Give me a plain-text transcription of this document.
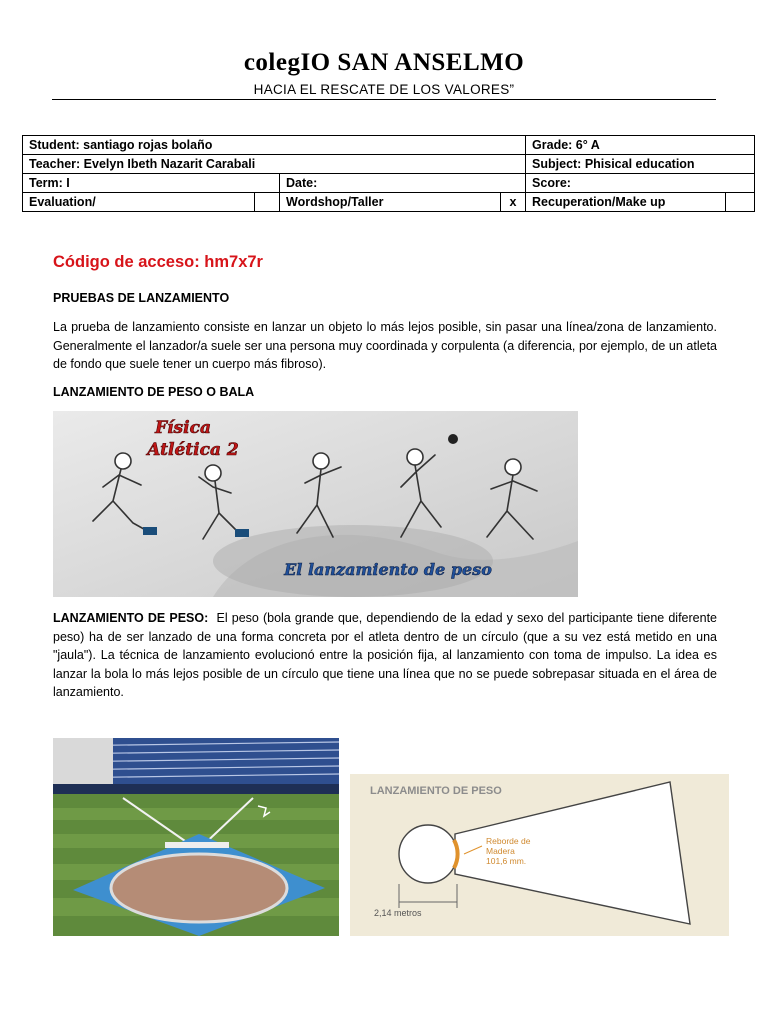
colegIO SAN ANSELMO
HACIA EL RESCATE DE LOS VALORES”
Student: santiago rojas bolaño				Grade: 6° A	
Teacher: Evelyn Ibeth Nazarit Carabali				Subject: Phisical education	
Term: I		Date:		Score:	
Evaluation/		Wordshop/Taller	x	Recuperation/Make up	
Código de acceso: hm7x7r
PRUEBAS DE LANZAMIENTO
La prueba de lanzamiento consiste en lanzar un objeto lo más lejos posible, sin pasar una línea/zona de lanzamiento. Generalmente el lanzador/a suele ser una persona muy coordinada y corpulenta (a diferencia, por ejemplo, de un atleta de fondo que suele tener un cuerpo más fibroso).
LANZAMIENTO DE PESO O BALA
Física
Atlética 2
El lanzamiento de peso
LANZAMIENTO DE PESO: El peso (bola grande que, dependiendo de la edad y sexo del participante tiene diferente peso) ha de ser lanzado de una forma concreta por el atleta dentro de un círculo (que a su vez está metido en una "jaula"). La técnica de lanzamiento evolucionó entre la posición fija, al lanzamiento con toma de impulso. La idea es lanzar la bola lo más lejos posible de un círculo que tiene una línea que no se puede sobrepasar situada en el área de lanzamiento.
LANZAMIENTO DE PESO
Reborde de
Madera
101,6 mm.
2,14 metros
